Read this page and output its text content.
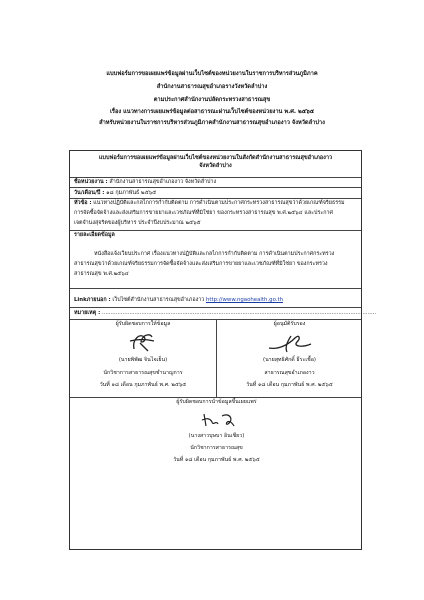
แบบฟอร์มการขอเผยแพร่ข้อมูลผ่านเว็บไซต์ของหน่วยงานในราชการบริหารส่วนภูมิภาค
สำนักงานสาธารณสุขอำเภอรางวังหวัดลำปาง
ตามประกาศสำนักงานปลัดกระทรวงสาธารณสุข
เรื่อง แนวทางการเผยแพร่ข้อมูลต่อสาธารณะผ่านเว็บไซต์ของหน่วยงาน พ.ศ. ๒๕๖๕
สำหรับหน่วยงานในราชการบริหารส่วนภูมิภาคสำนักงานสาธารณสุขอำเภองาว จังหวัดลำปาง
แบบฟอร์มการขอเผยแพร่ข้อมูลผ่านเว็บไซต์ของหน่วยงานในสังกัดสำนักงานสาธารณสุขอำเภองาว
จังหวัดลำปาง
ชื่อหน่วยงาน : สำนักงานสาธารณสุขอำเภองาว จังหวัดลำปาง
วัน/เดือน/ปี : ๑๘ กุมภาพันธ์ ๒๕๖๕
หัวข้อ : แนวทางปฏิบัติและกลไกการกำกับติดตาม การดำเนินตามประกาศกระทรวงสาธารณสุขว่าด้วยเกณฑ์จริยธรรม
การจัดซื้อจัดจ้างและส่งเสริมการขายยาและเวชภัณฑ์ที่มิใช่ยา ของกระทรวงสาธารณสุข พ.ศ.๒๕๖๔ และประกาศ
เจตจำนงสุจริตของผู้บริหาร ประจำปีงบประมาณ ๒๕๖๕
รายละเอียดข้อมูล
หนังสือแจ้งเวียนประกาศ เรื่องแนวทางปฏิบัติและกลไกการกำกับติดตาม การดำเนินตามประกาศกระทรวง
สาธารณสุขว่าด้วยเกณฑ์จริยธรรมการจัดซื้อจัดจ้างและส่งเสริมการขายยาและเวชภัณฑ์ที่มิใช่ยา ของกระทรวง
สาธารณสุข พ.ศ.๒๕๖๔
Linkภายนอก : เว็บไซต์สำนักงานสาธารณสุขอำเภองาว http://www.ngaohealth.go.th
หมายเหตุ : ................................................................................................................................................................
ผู้รับผิดชอบการให้ข้อมูล
(นายพิพัฒ จินไจเย็น)
นักวิชาการสาธารณสุขชำนาญการ
วันที่ ๑๘ เดือน กุมภาพันธ์ พ.ศ. ๒๕๖๕
ผู้อนุมัติรับรอง
(นายสุทธิศักดิ์ ธีระเชื้อ)
สาธารณสุขอำเภองาว
วันที่ ๑๘ เดือน กุมภาพันธ์ พ.ศ. ๒๕๖๕
ผู้รับผิดชอบการนำข้อมูลขึ้นเผยแพร่
(นางสาวบุษบา อินเชียว)
นักวิชาการสาธารณสุข
วันที่ ๑๘ เดือน กุมภาพันธ์ พ.ศ. ๒๕๖๕
